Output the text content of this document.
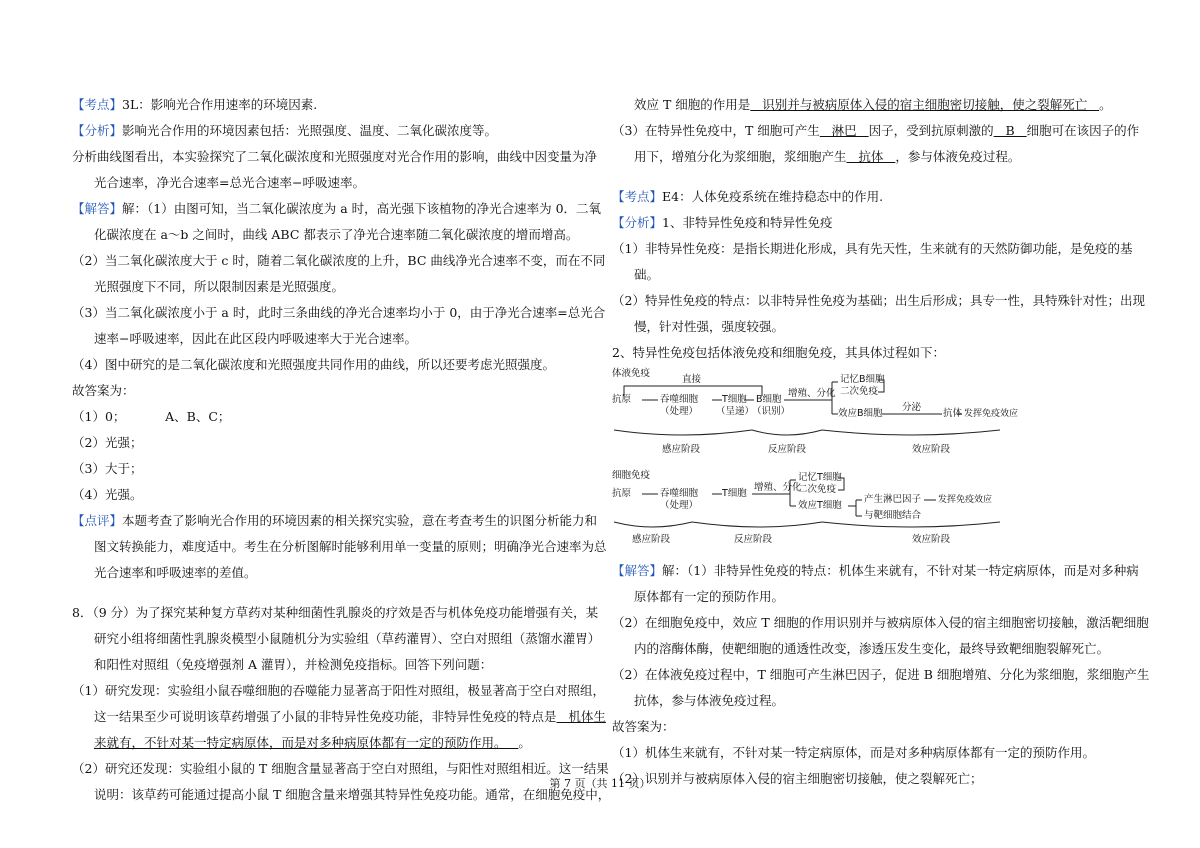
【考点】3L：影响光合作用速率的环境因素.
【分析】影响光合作用的环境因素包括：光照强度、温度、二氧化碳浓度等。
分析曲线图看出，本实验探究了二氧化碳浓度和光照强度对光合作用的影响，曲线中因变量为净
光合速率，净光合速率=总光合速率−呼吸速率。
【解答】解：（1）由图可知，当二氧化碳浓度为 a 时，高光强下该植物的净光合速率为 0．二氧
化碳浓度在 a～b 之间时，曲线 ABC 都表示了净光合速率随二氧化碳浓度的增而增高。
（2）当二氧化碳浓度大于 c 时，随着二氧化碳浓度的上升，BC 曲线净光合速率不变，而在不同
光照强度下不同，所以限制因素是光照强度。
（3）当二氧化碳浓度小于 a 时，此时三条曲线的净光合速率均小于 0，由于净光合速率=总光合
速率−呼吸速率，因此在此区段内呼吸速率大于光合速率。
（4）图中研究的是二氧化碳浓度和光照强度共同作用的曲线，所以还要考虑光照强度。
故答案为：
（1）0；          A、B、C；
（2）光强；
（3）大于；
（4）光强。
【点评】本题考查了影响光合作用的环境因素的相关探究实验，意在考查考生的识图分析能力和
图文转换能力，难度适中。考生在分析图解时能够利用单一变量的原则；明确净光合速率为总
光合速率和呼吸速率的差值。
8．（9 分）为了探究某种复方草药对某种细菌性乳腺炎的疗效是否与机体免疫功能增强有关，某
研究小组将细菌性乳腺炎模型小鼠随机分为实验组（草药灌胃）、空白对照组（蒸馏水灌胃）
和阳性对照组（免疫增强剂 A 灌胃），并检测免疫指标。回答下列问题：
（1）研究发现：实验组小鼠吞噬细胞的吞噬能力显著高于阳性对照组，极显著高于空白对照组，
这一结果至少可说明该草药增强了小鼠的非特异性免疫功能，非特异性免疫的特点是   机体生
来就有，不针对某一特定病原体，而是对多种病原体都有一定的预防作用。   。
（2）研究还发现：实验组小鼠的 T 细胞含量显著高于空白对照组，与阳性对照组相近。这一结果
说明：该草药可能通过提高小鼠 T 细胞含量来增强其特异性免疫功能。通常，在细胞免疫中，
效应 T 细胞的作用是   识别并与被病原体入侵的宿主细胞密切接触，使之裂解死亡   。
（3）在特异性免疫中，T 细胞可产生   淋巴   因子，受到抗原刺激的   B   细胞可在该因子的作
用下，增殖分化为浆细胞，浆细胞产生   抗体   ，参与体液免疫过程。
【考点】E4：人体免疫系统在维持稳态中的作用.
【分析】1、非特异性免疫和特异性免疫
（1）非特异性免疫：是指长期进化形成，具有先天性，生来就有的天然防御功能，是免疫的基
础。
（2）特异性免疫的特点：以非特异性免疫为基础；出生后形成；具专一性，具特殊针对性；出现
慢，针对性强，强度较强。
2、特异性免疫包括体液免疫和细胞免疫，其具体过程如下：
体液免疫
直接
抗原	吞噬细胞
（处理）
T细胞
（呈递）
B细胞
（识别）
增殖、分化
记忆B细胞
二次免疫
效应B细胞
分泌
抗体 发挥免疫效应
感应阶段	反应阶段	效应阶段
细胞免疫
抗原	吞噬细胞
（处理）
T细胞
增殖、分化
记忆T细胞
二次免疫
效应T细胞
产生淋巴因子 发挥免疫效应
与靶细胞结合
感应阶段	反应阶段	效应阶段
【解答】解：（1）非特异性免疫的特点：机体生来就有，不针对某一特定病原体，而是对多种病
原体都有一定的预防作用。
（2）在细胞免疫中，效应 T 细胞的作用识别并与被病原体入侵的宿主细胞密切接触，激活靶细胞
内的溶酶体酶，使靶细胞的通透性改变，渗透压发生变化，最终导致靶细胞裂解死亡。
（2）在体液免疫过程中，T 细胞可产生淋巴因子，促进 B 细胞增殖、分化为浆细胞，浆细胞产生
抗体，参与体液免疫过程。
故答案为：
（1）机体生来就有，不针对某一特定病原体，而是对多种病原体都有一定的预防作用。
（2）识别并与被病原体入侵的宿主细胞密切接触，使之裂解死亡；
第 7 页（共 11 页）
